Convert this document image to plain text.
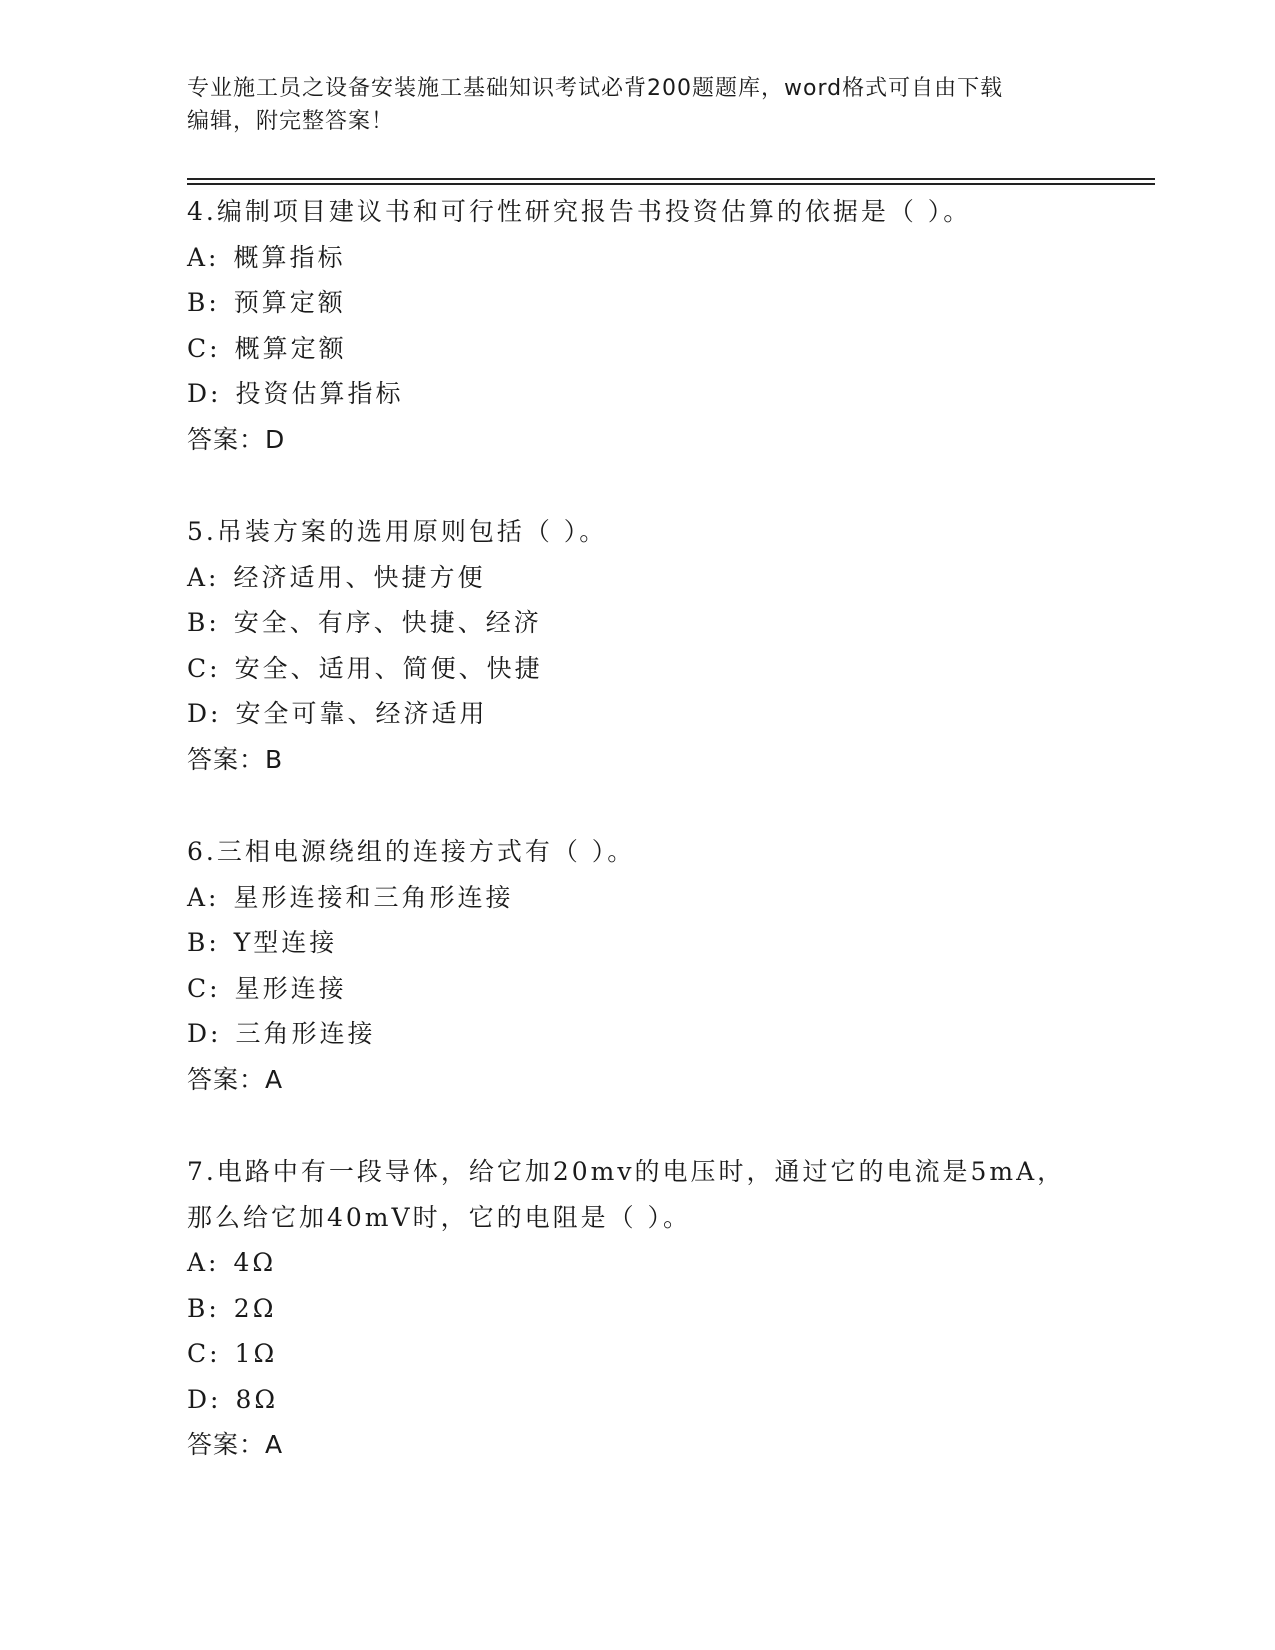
专业施工员之设备安装施工基础知识考试必背200题题库，word格式可自由下载
编辑，附完整答案！
4.编制项目建议书和可行性研究报告书投资估算的依据是（ ）。
A: 概算指标
B: 预算定额
C: 概算定额
D: 投资估算指标
答案：D
5.吊装方案的选用原则包括（ ）。
A: 经济适用、快捷方便
B: 安全、有序、快捷、经济
C: 安全、适用、简便、快捷
D: 安全可靠、经济适用
答案：B
6.三相电源绕组的连接方式有（ ）。
A: 星形连接和三角形连接
B: Y型连接
C: 星形连接
D: 三角形连接
答案：A
7.电路中有一段导体，给它加20mv的电压时，通过它的电流是5mA，
那么给它加40mV时，它的电阻是（ ）。
A: 4Ω
B: 2Ω
C: 1Ω
D: 8Ω
答案：A
